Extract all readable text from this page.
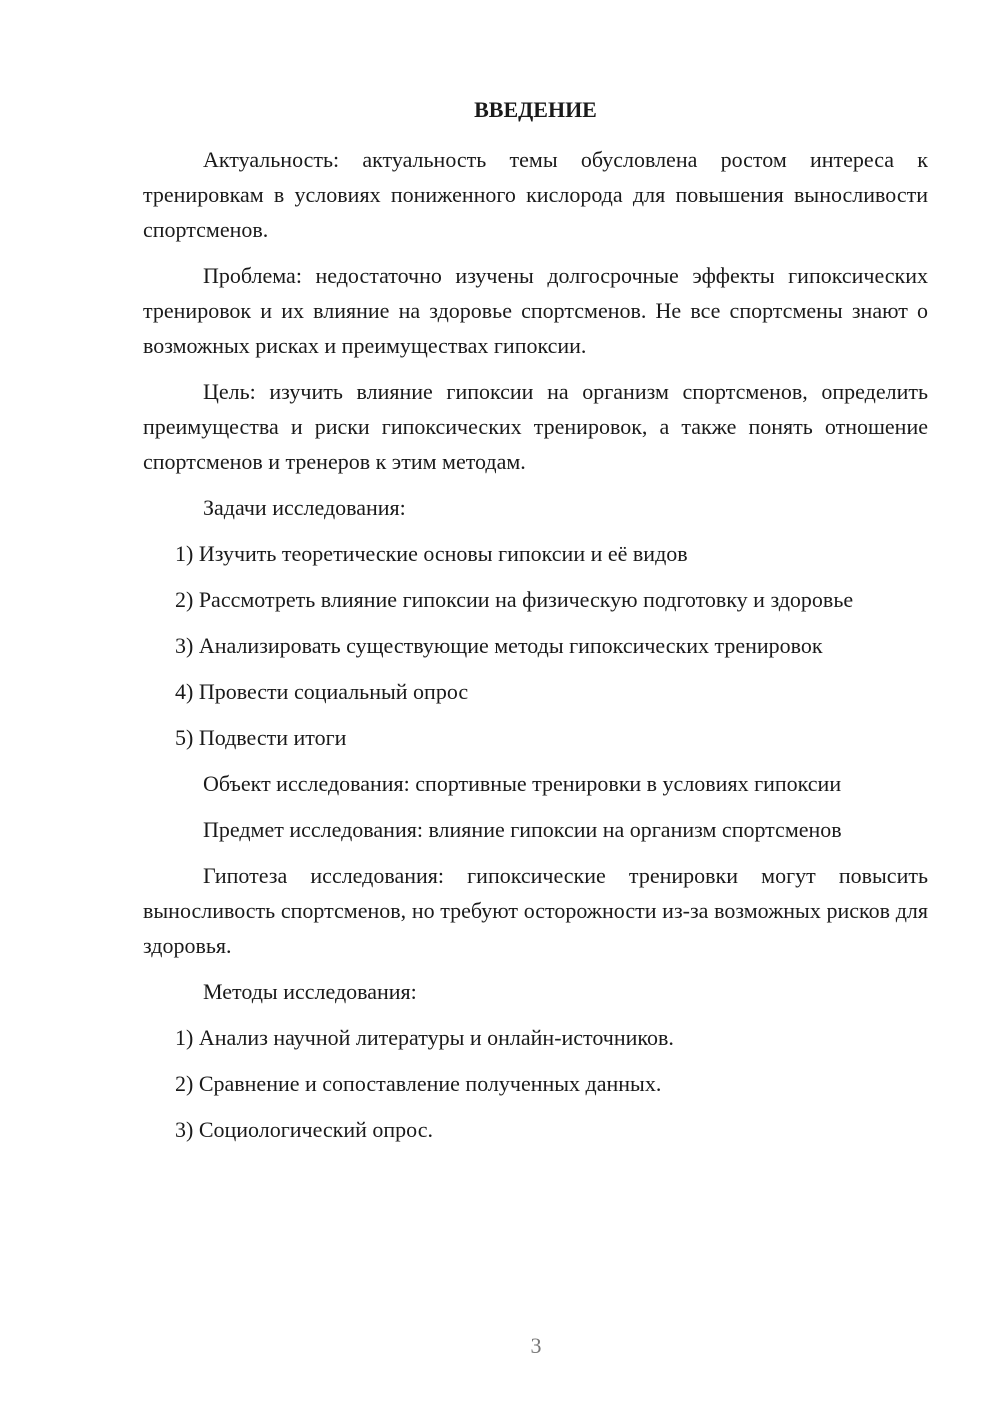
ВВЕДЕНИЕ

Актуальность: актуальность темы обусловлена ростом интереса к тренировкам в условиях пониженного кислорода для повышения выносливости спортсменов.

Проблема: недостаточно изучены долгосрочные эффекты гипоксических тренировок и их влияние на здоровье спортсменов. Не все спортсмены знают о возможных рисках и преимуществах гипоксии.

Цель: изучить влияние гипоксии на организм спортсменов, определить преимущества и риски гипоксических тренировок, а также понять отношение спортсменов и тренеров к этим методам.

Задачи исследования:

1) Изучить теоретические основы гипоксии и её видов

2) Рассмотреть влияние гипоксии на физическую подготовку и здоровье

3) Анализировать существующие методы гипоксических тренировок

4) Провести социальный опрос

5) Подвести итоги

Объект исследования: спортивные тренировки в условиях гипоксии

Предмет исследования: влияние гипоксии на организм спортсменов

Гипотеза исследования: гипоксические тренировки могут повысить выносливость спортсменов, но требуют осторожности из-за возможных рисков для здоровья.

Методы исследования:

1) Анализ научной литературы и онлайн-источников.

2) Сравнение и сопоставление полученных данных.

3) Социологический опрос.

3
